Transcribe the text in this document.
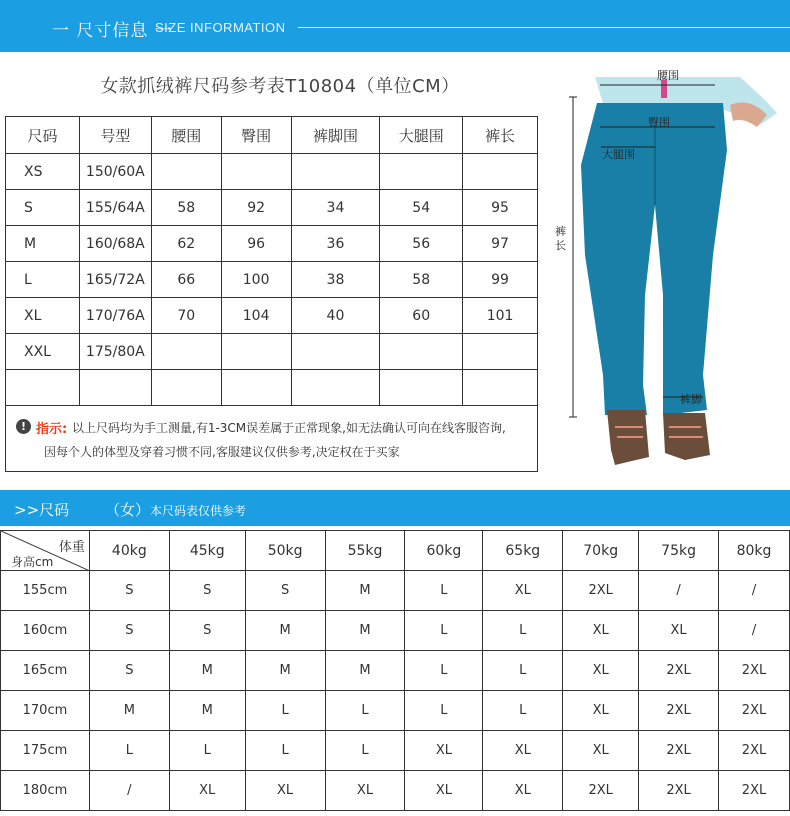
一 尺寸信息 一
SIZE INFORMATION
女款抓绒裤尺码参考表T10804（单位CM）
尺码	号型	腰围	臀围	裤脚围	大腿围	裤长
XS	150/60A					
S	155/64A	58	92	34	54	95
M	160/68A	62	96	36	56	97
L	165/72A	66	100	38	58	99
XL	170/76A	70	104	40	60	101
XXL	175/80A					

! 指示: 以上尺码均为手工测量,有1-3CM误差属于正常现象,如无法确认可向在线客服咨询,
因每个人的体型及穿着习惯不同,客服建议仅供参考,决定权在于买家
腰围
臀围
大腿围
裤
长
裤脚
>>尺码 （女） 本尺码表仅供参考
体重
身高cm	40kg	45kg	50kg	55kg	60kg	65kg	70kg	75kg	80kg
155cm	S	S	S	M	L	XL	2XL	/	/
160cm	S	S	M	M	L	L	XL	XL	/
165cm	S	M	M	M	L	L	XL	2XL	2XL
170cm	M	M	L	L	L	L	XL	2XL	2XL
175cm	L	L	L	L	XL	XL	XL	2XL	2XL
180cm	/	XL	XL	XL	XL	XL	2XL	2XL	2XL
